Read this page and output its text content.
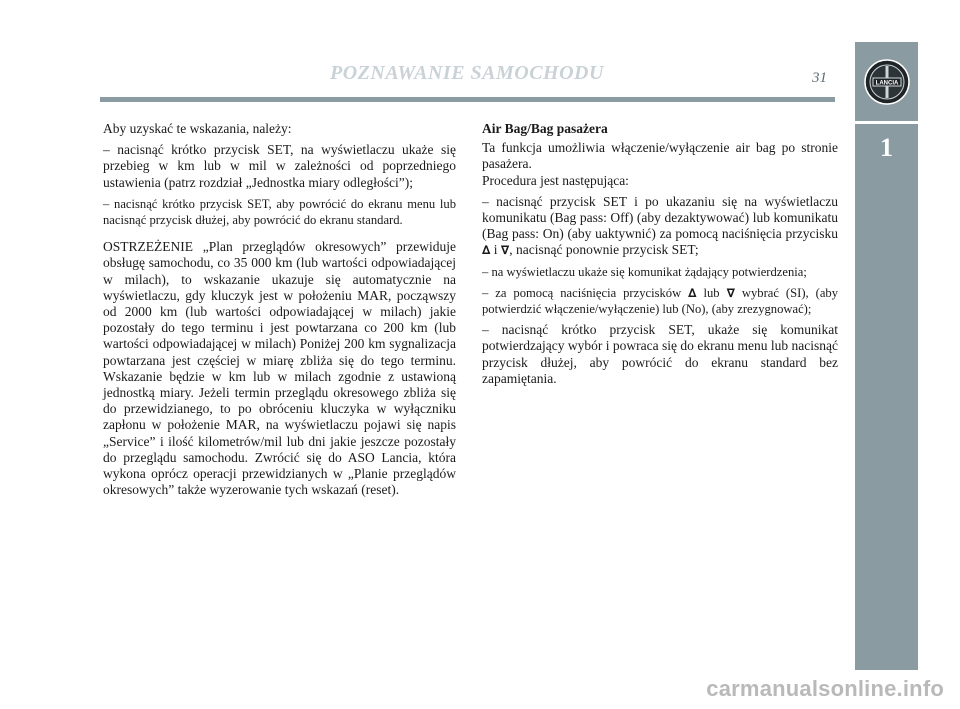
POZNAWANIE SAMOCHODU	31	LANCIA
1

Aby uzyskać te wskazania, należy:

– nacisnąć krótko przycisk SET, na wyświetlaczu ukaże się przebieg w km lub w mil w zależności od poprzedniego ustawienia (patrz rozdział „Jednostka miary odległości”);

– nacisnąć krótko przycisk SET, aby powrócić do ekranu menu lub nacisnąć przycisk dłużej, aby powrócić do ekranu standard.

OSTRZEŻENIE „Plan przeglądów okresowych” przewiduje obsługę samochodu, co 35 000 km (lub wartości odpowiadającej w milach), to wskazanie ukazuje się automatycznie na wyświetlaczu, gdy kluczyk jest w położeniu MAR, począwszy od 2000 km (lub wartości odpowiadającej w milach) jakie pozostały do tego terminu i jest powtarzana co 200 km (lub wartości odpowiadającej w milach) Poniżej 200 km sygnalizacja powtarzana jest częściej w miarę zbliża się do tego terminu. Wskazanie będzie w km lub w milach zgodnie z ustawioną jednostką miary. Jeżeli termin przeglądu okresowego zbliża się do przewidzianego, to po obróceniu kluczyka w wyłączniku zapłonu w położenie MAR, na wyświetlaczu pojawi się napis „Service” i ilość kilometrów/mil lub dni jakie jeszcze pozostały do przeglądu samochodu. Zwrócić się do ASO Lancia, która wykona oprócz operacji przewidzianych w „Planie przeglądów okresowych” także wyzerowanie tych wskazań (reset).

Air Bag/Bag pasażera

Ta funkcja umożliwia włączenie/wyłączenie air bag po stronie pasażera.

Procedura jest następująca:

– nacisnąć przycisk SET i po ukazaniu się na wyświetlaczu komunikatu (Bag pass: Off) (aby dezaktywować) lub komunikatu (Bag pass: On) (aby uaktywnić) za pomocą naciśnięcia przycisku ∆ i ∇, nacisnąć ponownie przycisk SET;

– na wyświetlaczu ukaże się komunikat żądający potwierdzenia;

– za pomocą naciśnięcia przycisków ∆ lub ∇ wybrać (SI), (aby potwierdzić włączenie/wyłączenie) lub (No), (aby zrezygnować);

– nacisnąć krótko przycisk SET, ukaże się komunikat potwierdzający wybór i powraca się do ekranu menu lub nacisnąć przycisk dłużej, aby powrócić do ekranu standard bez zapamiętania.

carmanualsonline.info
